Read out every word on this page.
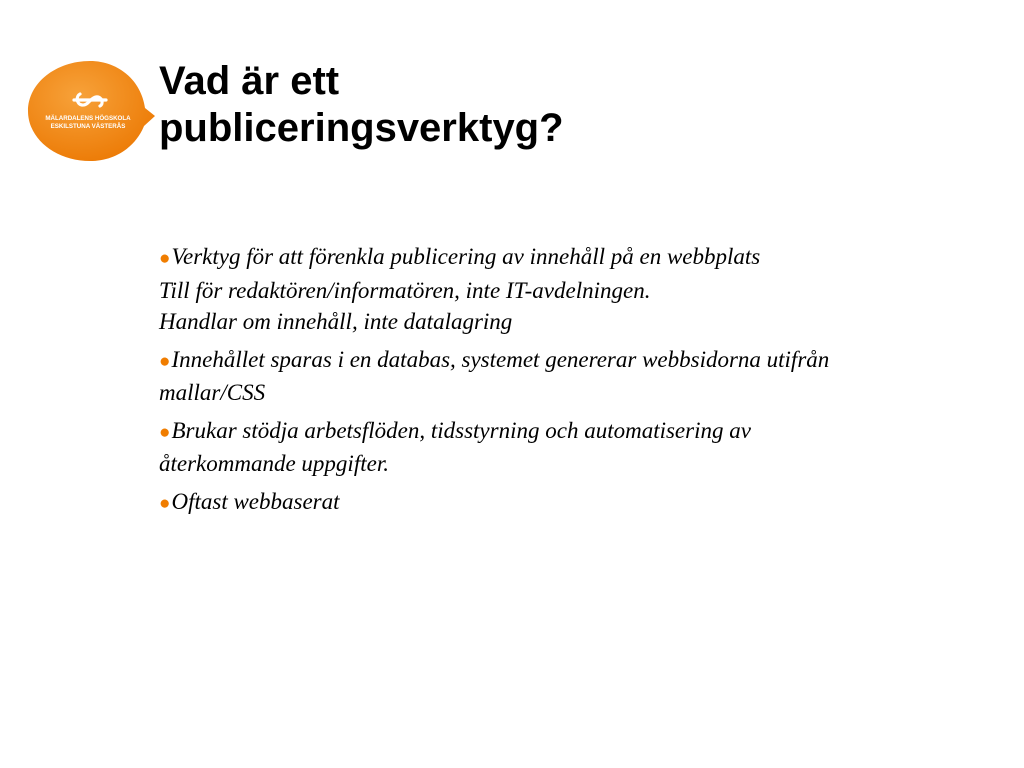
MÄLARDALENS HÖGSKOLA
ESKILSTUNA VÄSTERÅS
Vad är ett
publiceringsverktyg?
●Verktyg för att förenkla publicering av innehåll på en webbplats
Till för redaktören/informatören, inte IT-avdelningen.
Handlar om innehåll, inte datalagring
●Innehållet sparas i en databas, systemet genererar webbsidorna utifrån mallar/CSS
●Brukar stödja arbetsflöden, tidsstyrning och automatisering av återkommande uppgifter.
●Oftast webbaserat
